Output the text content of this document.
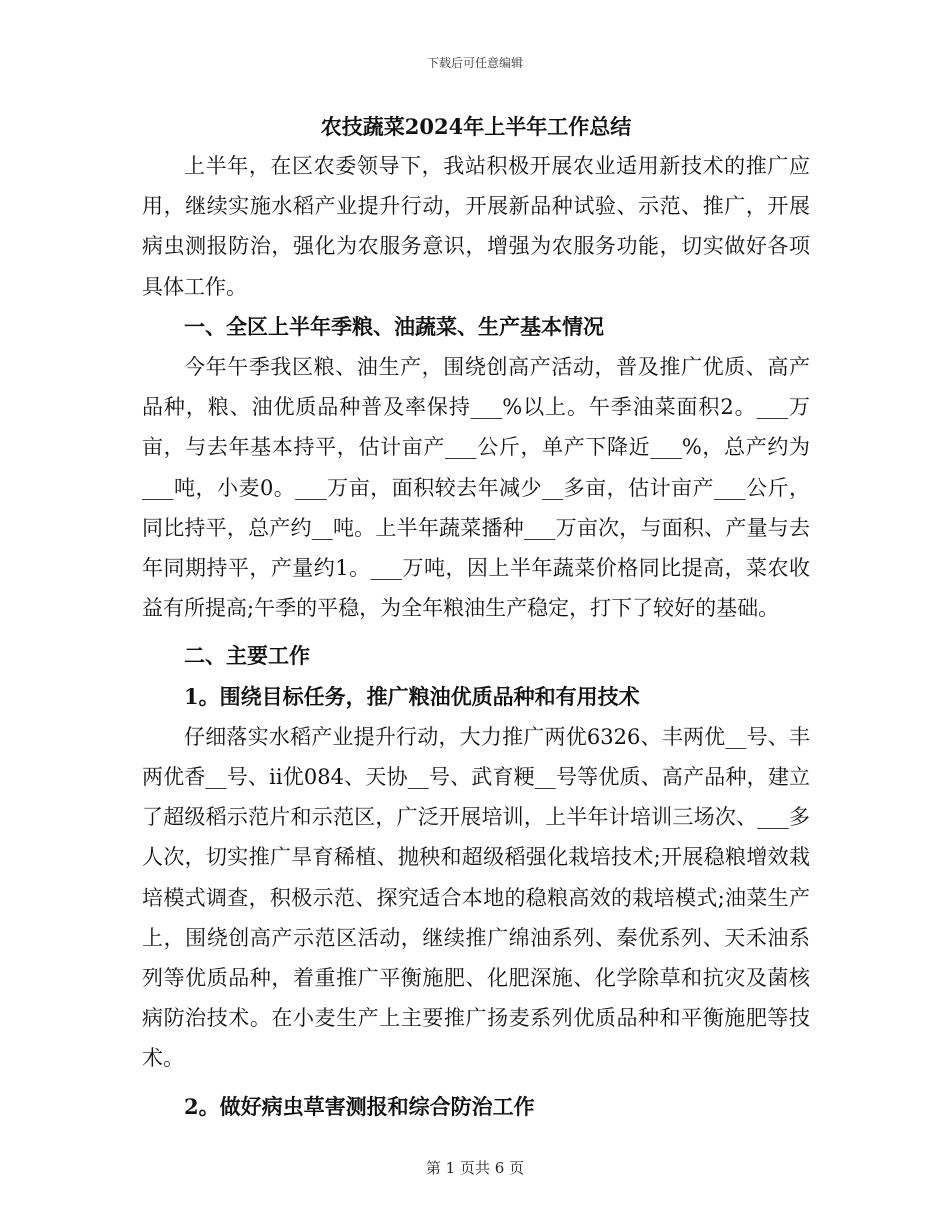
下载后可任意编辑
农技蔬菜2024年上半年工作总结

上半年，在区农委领导下，我站积极开展农业适用新技术的推广应用，继续实施水稻产业提升行动，开展新品种试验、示范、推广，开展病虫测报防治，强化为农服务意识，增强为农服务功能，切实做好各项具体工作。

一、全区上半年季粮、油蔬菜、生产基本情况

今年午季我区粮、油生产，围绕创高产活动，普及推广优质、高产品种，粮、油优质品种普及率保持___%以上。午季油菜面积2。___万亩，与去年基本持平，估计亩产___公斤，单产下降近___%，总产约为___吨，小麦0。___万亩，面积较去年减少__多亩，估计亩产___公斤，同比持平，总产约__吨。上半年蔬菜播种___万亩次，与面积、产量与去年同期持平，产量约1。___万吨，因上半年蔬菜价格同比提高，菜农收益有所提高;午季的平稳，为全年粮油生产稳定，打下了较好的基础。

二、主要工作
1。围绕目标任务，推广粮油优质品种和有用技术

仔细落实水稻产业提升行动，大力推广两优6326、丰两优__号、丰两优香__号、ii优084、天协__号、武育粳__号等优质、高产品种，建立了超级稻示范片和示范区，广泛开展培训，上半年计培训三场次、___多人次，切实推广旱育稀植、抛秧和超级稻强化栽培技术;开展稳粮增效栽培模式调查，积极示范、探究适合本地的稳粮高效的栽培模式;油菜生产上，围绕创高产示范区活动，继续推广绵油系列、秦优系列、天禾油系列等优质品种，着重推广平衡施肥、化肥深施、化学除草和抗灾及菌核病防治技术。在小麦生产上主要推广扬麦系列优质品种和平衡施肥等技术。

2。做好病虫草害测报和综合防治工作
第 1 页共 6 页
